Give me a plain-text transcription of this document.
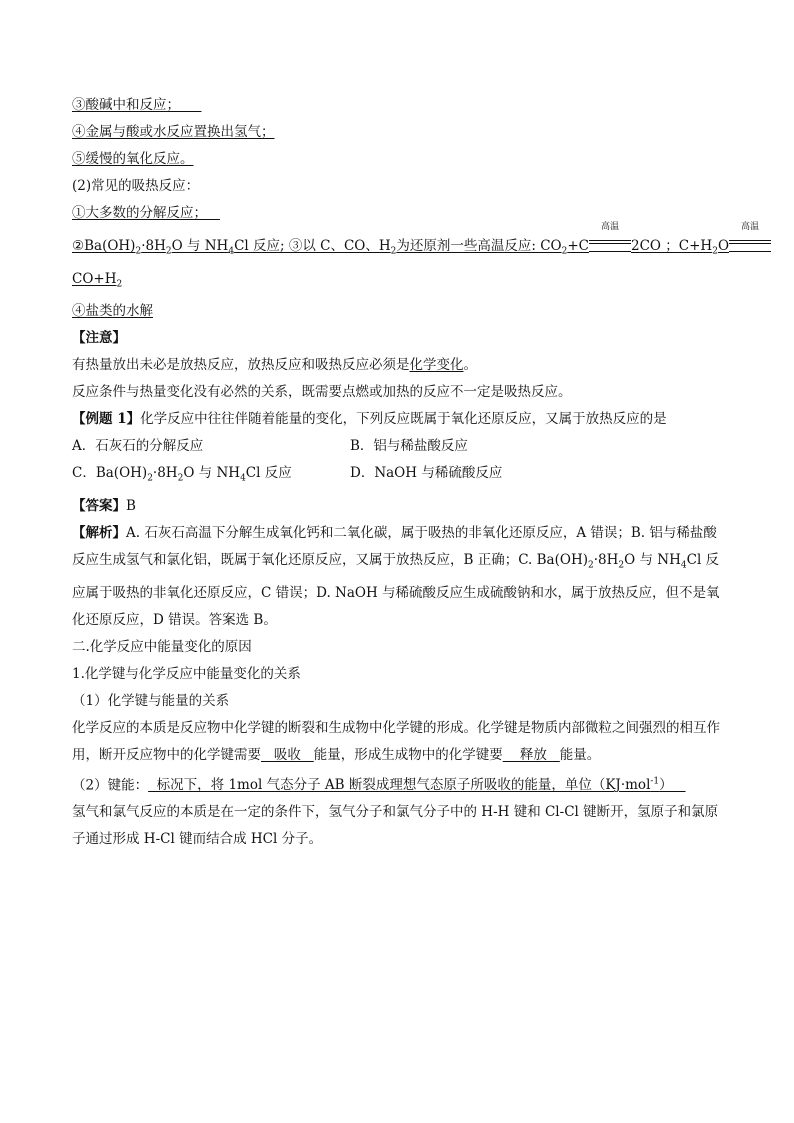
③酸碱中和反应；
④金属与酸或水反应置换出氢气；
⑤缓慢的氧化反应。
(2)常见的吸热反应：
①大多数的分解反应；
$②Ba(OH)_2\cdot 8H_2O$ 与 $NH_4Cl$ 反应; ③以 C、CO、$H_2$为还原剂一些高温反应: $CO_2+C$
高温
2CO ；$C+H_2O$
高温
$CO+H_2$
④盐类的水解
【注意】
有热量放出未必是放热反应，放热反应和吸热反应必须是化学变化。
反应条件与热量变化没有必然的关系，既需要点燃或加热的反应不一定是吸热反应。
【例题 1】化学反应中往往伴随着能量的变化，下列反应既属于氧化还原反应，又属于放热反应的是
A．石灰石的分解反应	B．铝与稀盐酸反应
C．$Ba(OH)_2\cdot 8H_2O$ 与 $NH_4Cl$ 反应	D．NaOH 与稀硫酸反应
【答案】B
【解析】A. 石灰石高温下分解生成氧化钙和二氧化碳，属于吸热的非氧化还原反应，A 错误；B. 铝与稀盐酸反应生成氢气和氯化铝，既属于氧化还原反应，又属于放热反应，B 正确；C. $Ba(OH)_2\cdot 8H_2O$ 与 $NH_4Cl$ 反应属于吸热的非氧化还原反应，C 错误；D. NaOH 与稀硫酸反应生成硫酸钠和水，属于放热反应，但不是氧化还原反应，D 错误。答案选 B。
二.化学反应中能量变化的原因
1.化学键与化学反应中能量变化的关系
（1）化学键与能量的关系
化学反应的本质是反应物中化学键的断裂和生成物中化学键的形成。化学键是物质内部微粒之间强烈的相互作用，断开反应物中的化学键需要   吸收   能量，形成生成物中的化学键要    释放   能量。
（2）键能：  标况下，将 1mol 气态分子 AB 断裂成理想气态原子所吸收的能量，单位（KJ·mol$^{-1}$）
氢气和氯气反应的本质是在一定的条件下，氢气分子和氯气分子中的 H-H 键和 Cl-Cl 键断开，氢原子和氯原子通过形成 H-Cl 键而结合成 HCl 分子。
